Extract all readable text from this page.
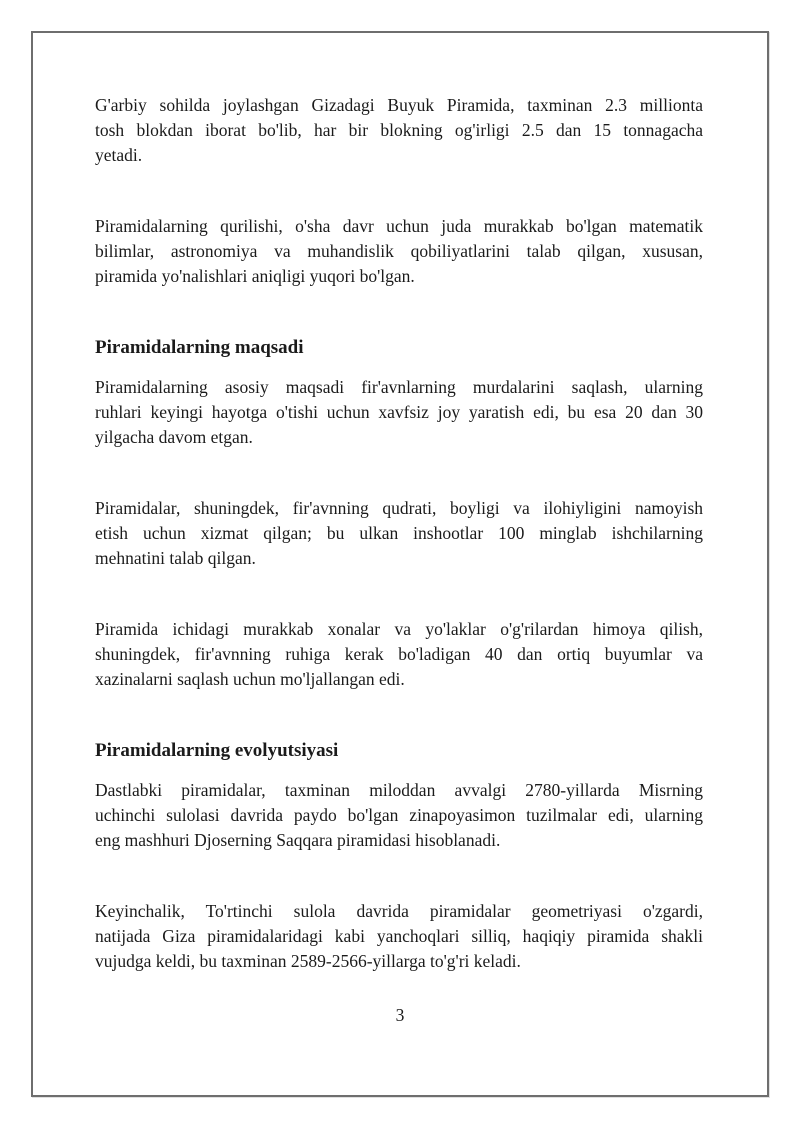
G'arbiy sohilda joylashgan Gizadagi Buyuk Piramida, taxminan 2.3 millionta
tosh blokdan iborat bo'lib, har bir blokning og'irligi 2.5 dan 15 tonnagacha
yetadi.

Piramidalarning qurilishi, o'sha davr uchun juda murakkab bo'lgan matematik
bilimlar, astronomiya va muhandislik qobiliyatlarini talab qilgan, xususan,
piramida yo'nalishlari aniqligi yuqori bo'lgan.

Piramidalarning maqsadi

Piramidalarning asosiy maqsadi fir'avnlarning murdalarini saqlash, ularning
ruhlari keyingi hayotga o'tishi uchun xavfsiz joy yaratish edi, bu esa 20 dan 30
yilgacha davom etgan.

Piramidalar, shuningdek, fir'avnning qudrati, boyligi va ilohiyligini namoyish
etish uchun xizmat qilgan; bu ulkan inshootlar 100 minglab ishchilarning
mehnatini talab qilgan.

Piramida ichidagi murakkab xonalar va yo'laklar o'g'rilardan himoya qilish,
shuningdek, fir'avnning ruhiga kerak bo'ladigan 40 dan ortiq buyumlar va
xazinalarni saqlash uchun mo'ljallangan edi.

Piramidalarning evolyutsiyasi

Dastlabki piramidalar, taxminan miloddan avvalgi 2780-yillarda Misrning
uchinchi sulolasi davrida paydo bo'lgan zinapoyasimon tuzilmalar edi, ularning
eng mashhuri Djoserning Saqqara piramidasi hisoblanadi.

Keyinchalik, To'rtinchi sulola davrida piramidalar geometriyasi o'zgardi,
natijada Giza piramidalaridagi kabi yanchoqlari silliq, haqiqiy piramida shakli
vujudga keldi, bu taxminan 2589-2566-yillarga to'g'ri keladi.

3
